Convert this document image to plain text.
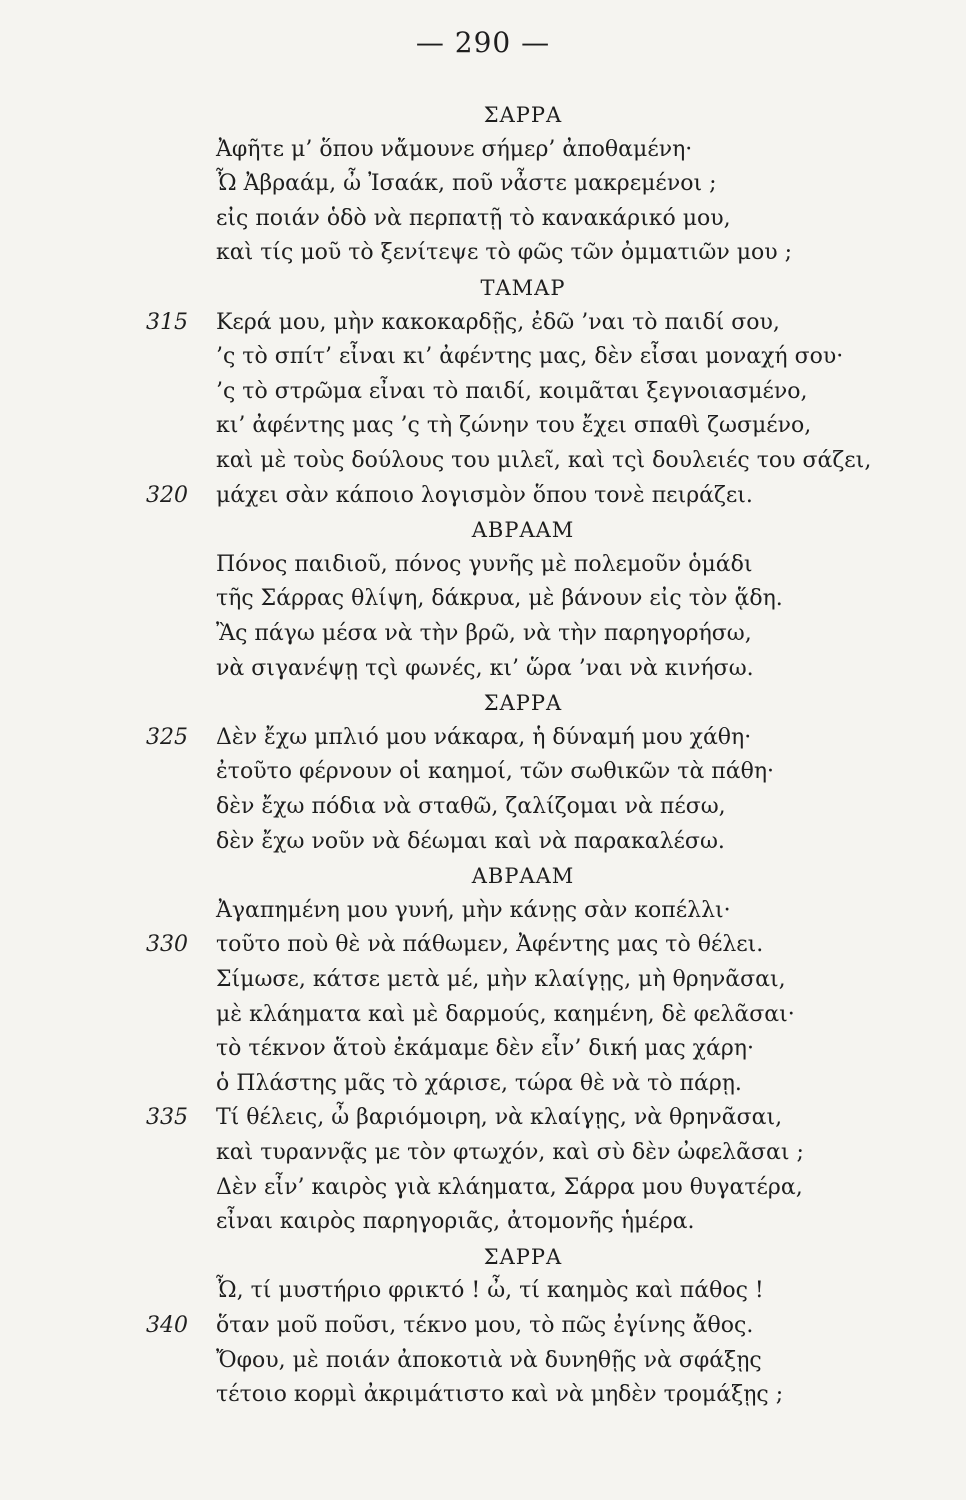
— 290 —
ΣΑΡΡΑ
Ἀφῆτε μ’ ὅπου νἄμουνε σήμερ’ ἀποθαμένη·
Ὦ Ἀβραάμ, ὦ Ἰσαάκ, ποῦ νἆστε μακρεμένοι ;
εἰς ποιάν ὁδὸ νὰ περπατῇ τὸ κανακάρικό μου,
καὶ τίς μοῦ τὸ ξενίτεψε τὸ φῶς τῶν ὀμματιῶν μου ;
ΤΑΜΑΡ
315 Κερά μου, μὴν κακοκαρδῇς, ἐδῶ ’ναι τὸ παιδί σου,
’ς τὸ σπίτ’ εἶναι κι’ ἀφέντης μας, δὲν εἶσαι μοναχή σου·
’ς τὸ στρῶμα εἶναι τὸ παιδί, κοιμᾶται ξεγνοιασμένο,
κι’ ἀφέντης μας ’ς τὴ ζώνην του ἔχει σπαθὶ ζωσμένο,
καὶ μὲ τοὺς δούλους του μιλεῖ, καὶ τςὶ δουλειές του σάζει,
320 μάχει σὰν κάποιο λογισμὸν ὅπου τονὲ πειράζει.
ΑΒΡΑΑΜ
Πόνος παιδιοῦ, πόνος γυνῆς μὲ πολεμοῦν ὁμάδι
τῆς Σάρρας θλίψη, δάκρυα, μὲ βάνουν εἰς τὸν ᾅδη.
Ἂς πάγω μέσα νὰ τὴν βρῶ, νὰ τὴν παρηγορήσω,
νὰ σιγανέψῃ τςὶ φωνές, κι’ ὥρα ’ναι νὰ κινήσω.
ΣΑΡΡΑ
325 Δὲν ἔχω μπλιό μου νάκαρα, ἡ δύναμή μου χάθη·
ἐτοῦτο φέρνουν οἱ καημοί, τῶν σωθικῶν τὰ πάθη·
δὲν ἔχω πόδια νὰ σταθῶ, ζαλίζομαι νὰ πέσω,
δὲν ἔχω νοῦν νὰ δέωμαι καὶ νὰ παρακαλέσω.
ΑΒΡΑΑΜ
Ἀγαπημένη μου γυνή, μὴν κάνῃς σὰν κοπέλλι·
330 τοῦτο ποὺ θὲ νὰ πάθωμεν, Ἀφέντης μας τὸ θέλει.
Σίμωσε, κάτσε μετὰ μέ, μὴν κλαίγῃς, μὴ θρηνᾶσαι,
μὲ κλάηματα καὶ μὲ δαρμούς, καημένη, δὲ φελᾶσαι·
τὸ τέκνον ἅτοὺ ἐκάμαμε δὲν εἶν’ δική μας χάρη·
ὁ Πλάστης μᾶς τὸ χάρισε, τώρα θὲ νὰ τὸ πάρῃ.
335 Τί θέλεις, ὦ βαριόμοιρη, νὰ κλαίγῃς, νὰ θρηνᾶσαι,
καὶ τυραννᾷς με τὸν φτωχόν, καὶ σὺ δὲν ὠφελᾶσαι ;
Δὲν εἶν’ καιρὸς γιὰ κλάηματα, Σάρρα μου θυγατέρα,
εἶναι καιρὸς παρηγοριᾶς, ἀτομονῆς ἡμέρα.
ΣΑΡΡΑ
Ὦ, τί μυστήριο φρικτό ! ὦ, τί καημὸς καὶ πάθος !
340 ὅταν μοῦ ποῦσι, τέκνο μου, τὸ πῶς ἐγίνης ἄθος.
Ὄφου, μὲ ποιάν ἀποκοτιὰ νὰ δυνηθῇς νὰ σφάξῃς
τέτοιο κορμὶ ἀκριμάτιστο καὶ νὰ μηδὲν τρομάξῃς ;
